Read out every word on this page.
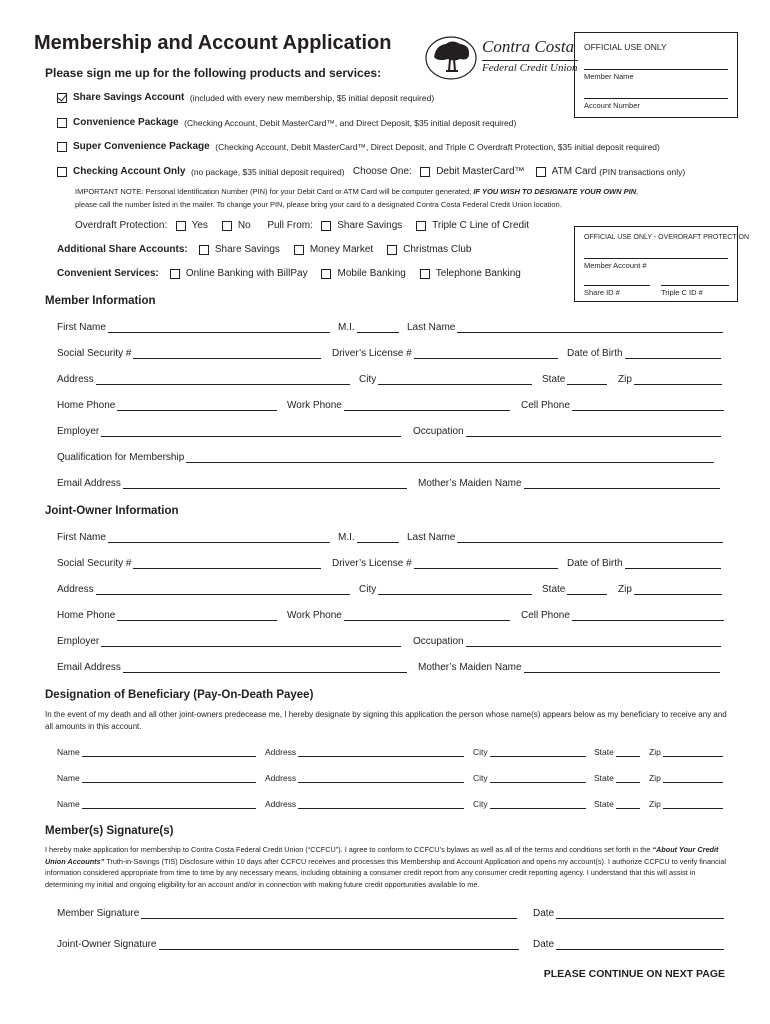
Membership and Account Application
Please sign me up for the following products and services:
Contra Costa
Federal Credit Union
OFFICIAL USE ONLY
Member Name
Account Number
Share Savings Account
(included with every new membership, $5 initial deposit required)
Convenience Package
(Checking Account, Debit MasterCard™, and Direct Deposit, $35 initial deposit required)
Super Convenience Package
(Checking Account, Debit MasterCard™, Direct Deposit, and Triple C Overdraft Protection, $35 initial deposit required)
Checking Account Only
(no package, $35 initial deposit required)
Choose One:
Debit MasterCard™
	ATM Card
(PIN transactions only)
IMPORTANT NOTE: Personal Identification Number (PIN) for your Debit Card or ATM Card will be computer generated; IF YOU WISH TO DESIGNATE YOUR OWN PIN,
please call the number listed in the mailer. To change your PIN, please bring your card to a designated Contra Costa Federal Credit Union location.
Overdraft Protection:
Yes
	No
Pull From:
Share Savings
	Triple C Line of Credit
OFFICIAL USE ONLY - OVERDRAFT PROTECTION
Member Account #
Share ID #	Triple C ID #
Additional Share Accounts:
	Share Savings
	Money Market
	Christmas Club
Convenient Services:
	Online Banking with BillPay
	Mobile Banking
	Telephone Banking
Member Information
First Name	M.I.	Last Name
Social Security #	Driver’s License #	Date of Birth
Address	City	State	Zip
Home Phone	Work Phone	Cell Phone
Employer	Occupation
Qualification for Membership
Email Address	Mother’s Maiden Name
Joint-Owner Information
First Name	M.I.	Last Name
Social Security #	Driver’s License #	Date of Birth
Address	City	State	Zip
Home Phone	Work Phone	Cell Phone
Employer	Occupation
Email Address	Mother’s Maiden Name
Designation of Beneficiary (Pay-On-Death Payee)
In the event of my death and all other joint-owners predecease me, I hereby designate by signing this application the person whose name(s) appears below as my beneficiary to receive any and all amounts in this account.
Name	Address	City	State	Zip
Name	Address	City	State	Zip
Name	Address	City	State	Zip
Member(s) Signature(s)
I hereby make application for membership to Contra Costa Federal Credit Union (“CCFCU”). I agree to conform to CCFCU’s bylaws as well as all of the terms and conditions set forth in the “About Your Credit Union Accounts” Truth-in-Savings (TIS) Disclosure within 10 days after CCFCU receives and processes this Membership and Account Application and opens my account(s). I authorize CCFCU to verify financial information considered appropriate from time to time by any necessary means, including obtaining a consumer credit report from any consumer credit reporting agency. I understand that this will assist in determining my initial and ongoing eligibility for an account and/or in connection with making future credit opportunities available to me.
Member Signature	Date
Joint-Owner Signature	Date
PLEASE CONTINUE ON NEXT PAGE
